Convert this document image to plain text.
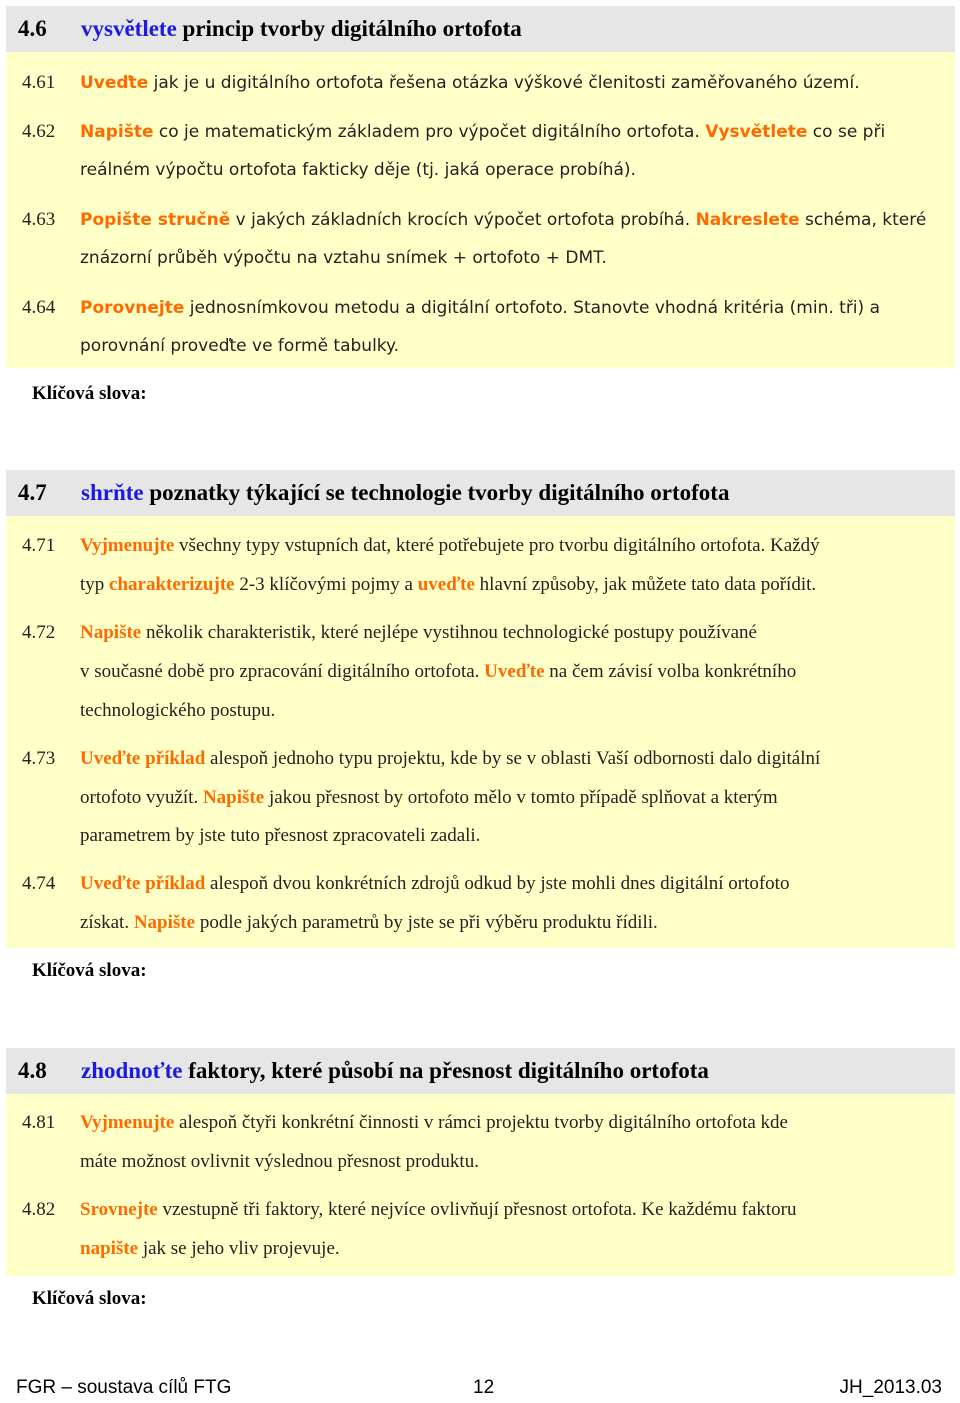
4.6 vysvětlete princip tvorby digitálního ortofota
4.61 Uveďte jak je u digitálního ortofota řešena otázka výškové členitosti zaměřovaného území.
4.62 Napište co je matematickým základem pro výpočet digitálního ortofota. Vysvětlete co se při
reálném výpočtu ortofota fakticky děje (tj. jaká operace probíhá).
4.63 Popište stručně v jakých základních krocích výpočet ortofota probíhá. Nakreslete schéma, které
znázorní průběh výpočtu na vztahu snímek + ortofoto + DMT.
4.64 Porovnejte jednosnímkovou metodu a digitální ortofoto. Stanovte vhodná kritéria (min. tři) a
porovnání proveďte ve formě tabulky.
Klíčová slova:
4.7 shrňte poznatky týkající se technologie tvorby digitálního ortofota
4.71 Vyjmenujte všechny typy vstupních dat, které potřebujete pro tvorbu digitálního ortofota. Každý
typ charakterizujte 2-3 klíčovými pojmy a uveďte hlavní způsoby, jak můžete tato data pořídit.
4.72 Napište několik charakteristik, které nejlépe vystihnou technologické postupy používané
v současné době pro zpracování digitálního ortofota. Uveďte na čem závisí volba konkrétního
technologického postupu.
4.73 Uveďte příklad alespoň jednoho typu projektu, kde by se v oblasti Vaší odbornosti dalo digitální
ortofoto využít. Napište jakou přesnost by ortofoto mělo v tomto případě splňovat a kterým
parametrem by jste tuto přesnost zpracovateli zadali.
4.74 Uveďte příklad alespoň dvou konkrétních zdrojů odkud by jste mohli dnes digitální ortofoto
získat. Napište podle jakých parametrů by jste se při výběru produktu řídili.
Klíčová slova:
4.8 zhodnoťte faktory, které působí na přesnost digitálního ortofota
4.81 Vyjmenujte alespoň čtyři konkrétní činnosti v rámci projektu tvorby digitálního ortofota kde
máte možnost ovlivnit výslednou přesnost produktu.
4.82 Srovnejte vzestupně tři faktory, které nejvíce ovlivňují přesnost ortofota. Ke každému faktoru
napište jak se jeho vliv projevuje.
Klíčová slova:
FGR – soustava cílů FTG	12	JH_2013.03
